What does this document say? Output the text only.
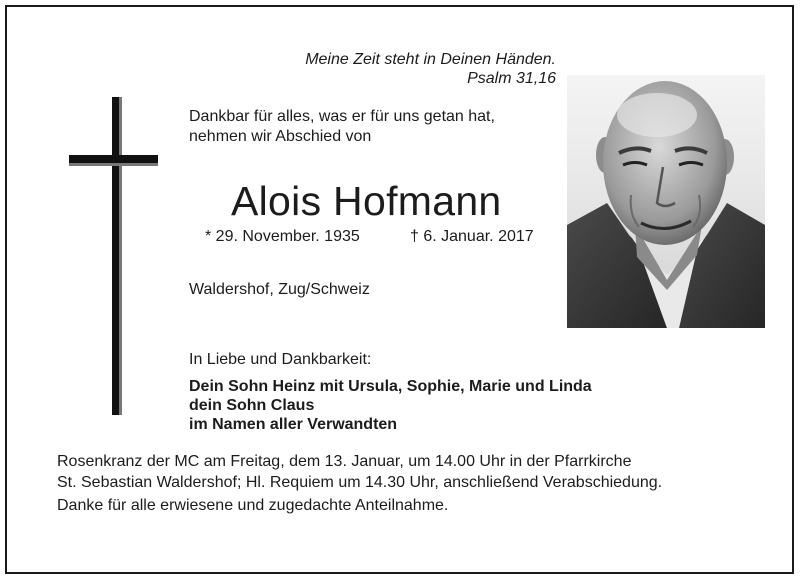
Meine Zeit steht in Deinen Händen.
Psalm 31,16
Dankbar für alles, was er für uns getan hat,
nehmen wir Abschied von
Alois Hofmann
* 29. November. 1935	† 6. Januar. 2017
Waldershof, Zug/Schweiz
In Liebe und Dankbarkeit:
Dein Sohn Heinz mit Ursula, Sophie, Marie und Linda
dein Sohn Claus
im Namen aller Verwandten
Rosenkranz der MC am Freitag, dem 13. Januar, um 14.00 Uhr in der Pfarrkirche
St. Sebastian Waldershof; Hl. Requiem um 14.30 Uhr, anschließend Verabschiedung.
Danke für alle erwiesene und zugedachte Anteilnahme.
